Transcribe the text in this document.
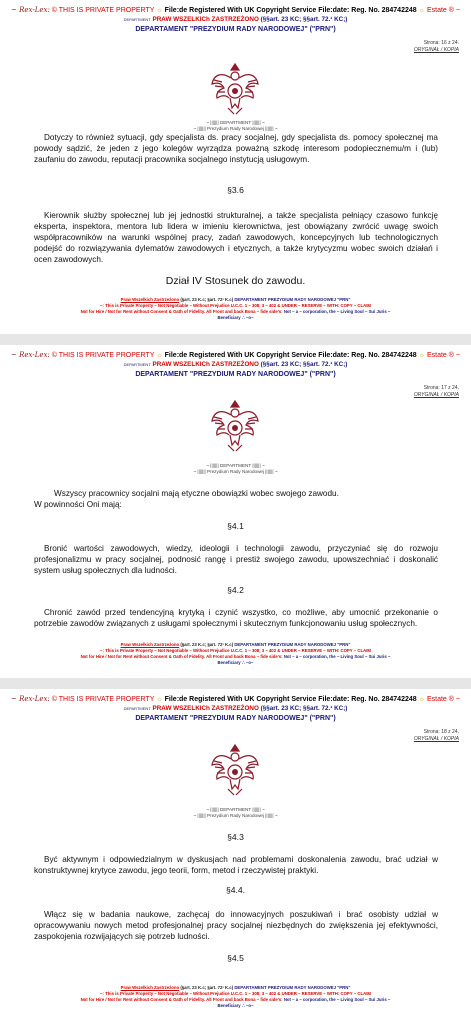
~ Rex-Lex: © THIS IS PRIVATE PROPERTY ☼ File:de Registered With UK Copyright Service File:date: Reg. No. 284742248 ☼ Estate ® ~
DEPARTMENT PRAW WSZELKICh ZASTRZEŻONO (§§art. 23 KC; §§art. 72.¹ KC;)
DEPARTAMENT "PREZYDIUM RADY NARODOWEJ" ("PRN")
Strona: 16 z 24.
ORYGINAŁ / KOPIA
~ ||||||| DEPARTMENT ||||||| ~
~ ||||||| Prezydium Rady Narodowej ||||||| ~

Dotyczy to również sytuacji, gdy specjalista ds. pracy socjalnej, gdy specjalista ds. pomocy społecznej ma powody sądzić, że jeden z jego kolegów wyrządza poważną szkodę interesom podopiecznemu/m i (lub) zaufaniu do zawodu, reputacji pracownika socjalnego instytucją usługowym.

§3.6

Kierownik służby społecznej lub jej jednostki strukturalnej, a także specjalista pełniący czasowo funkcję eksperta, inspektora, mentora lub lidera w imieniu kierownictwa, jest obowiązany zwrócić uwagę swoich współpracowników na warunki wspólnej pracy, zadań zawodowych, koncepcyjnych lub technologicznych podejść do rozwiązywania dylematów zawodowych i etycznych, a także krytycyzmu wobec swoich działań i ocen zawodowych.

Dział IV Stosunek do zawodu.
Praw Wszelkich Zastrzeżono (§art. 23 K.c; §art. 72¹ K.c) DEPARTAMENT PREZYDIUM RADY NARODOWEJ "PRN"
~: This is Private Property – Not Negotiable – Without Prejudice U.C.C. 1 – 308; 3 – 402 & UNDER – RESERVE – WITH: COPY – CLAIM
Not for Hire / Not for Rent without Consent & Oath of Fidelity. All Front and back Bona – fide side's: Not – a – corporation, the ~ Living Soul ~ Sui Juris ~
Beneficiary ∴ ~o~
~ Rex-Lex: © THIS IS PRIVATE PROPERTY ☼ File:de Registered With UK Copyright Service File:date: Reg. No. 284742248 ☼ Estate ® ~
DEPARTMENT PRAW WSZELKICh ZASTRZEŻONO (§§art. 23 KC; §§art. 72.¹ KC;)
DEPARTAMENT "PREZYDIUM RADY NARODOWEJ" ("PRN")
Strona: 17 z 24.
ORYGINAŁ / KOPIA
~ ||||||| DEPARTMENT ||||||| ~
~ ||||||| Prezydium Rady Narodowej ||||||| ~

Wszyscy pracownicy socjalni mają etyczne obowiązki wobec swojego zawodu.

W powinności Oni mają:

§4.1

Bronić wartości zawodowych, wiedzy, ideologii i technologii zawodu, przyczyniać się do rozwoju profesjonalizmu w pracy socjalnej, podnosić rangę i prestiż swojego zawodu, upowszechniać i doskonalić system usług społecznych dla ludności.

§4.2

Chronić zawód przed tendencyjną krytyką i czynić wszystko, co możliwe, aby umocnić przekonanie o potrzebie zawodów związanych z usługami społecznymi i skutecznym funkcjonowaniu usług społecznych.

Praw Wszelkich Zastrzeżono (§art. 23 K.c; §art. 72¹ K.c) DEPARTAMENT PREZYDIUM RADY NARODOWEJ "PRN"
~: This is Private Property – Not Negotiable – Without Prejudice U.C.C. 1 – 308; 3 – 402 & UNDER – RESERVE – WITH: COPY – CLAIM
Not for Hire / Not for Rent without Consent & Oath of Fidelity. All Front and back Bona – fide side's: Not – a – corporation, the ~ Living Soul ~ Sui Juris ~
Beneficiary ∴ ~o~
~ Rex-Lex: © THIS IS PRIVATE PROPERTY ☼ File:de Registered With UK Copyright Service File:date: Reg. No. 284742248 ☼ Estate ® ~
DEPARTMENT PRAW WSZELKICh ZASTRZEŻONO (§§art. 23 KC; §§art. 72.¹ KC;)
DEPARTAMENT "PREZYDIUM RADY NARODOWEJ" ("PRN")
Strona: 18 z 24.
ORYGINAŁ / KOPIA
~ ||||||| DEPARTMENT ||||||| ~
~ ||||||| Prezydium Rady Narodowej ||||||| ~
§4.3

Być aktywnym i odpowiedzialnym w dyskusjach nad problemami doskonalenia zawodu, brać udział w konstruktywnej krytyce zawodu, jego teorii, form, metod i rzeczywistej praktyki.

§4.4.

Włącz się w badania naukowe, zachęcaj do innowacyjnych poszukiwań i brać osobisty udział w opracowywaniu nowych metod profesjonalnej pracy socjalnej niezbędnych do zwiększenia jej efektywności, zaspokojenia rozwijających się potrzeb ludności.

§4.5
Praw Wszelkich Zastrzeżono (§art. 23 K.c; §art. 72¹ K.c) DEPARTAMENT PREZYDIUM RADY NARODOWEJ "PRN"
~: This is Private Property – Not Negotiable – Without Prejudice U.C.C. 1 – 308; 3 – 402 & UNDER – RESERVE – WITH: COPY – CLAIM
Not for Hire / Not for Rent without Consent & Oath of Fidelity. All Front and back Bona – fide side's: Not – a – corporation, the ~ Living Soul ~ Sui Juris ~
Beneficiary ∴ ~o~
